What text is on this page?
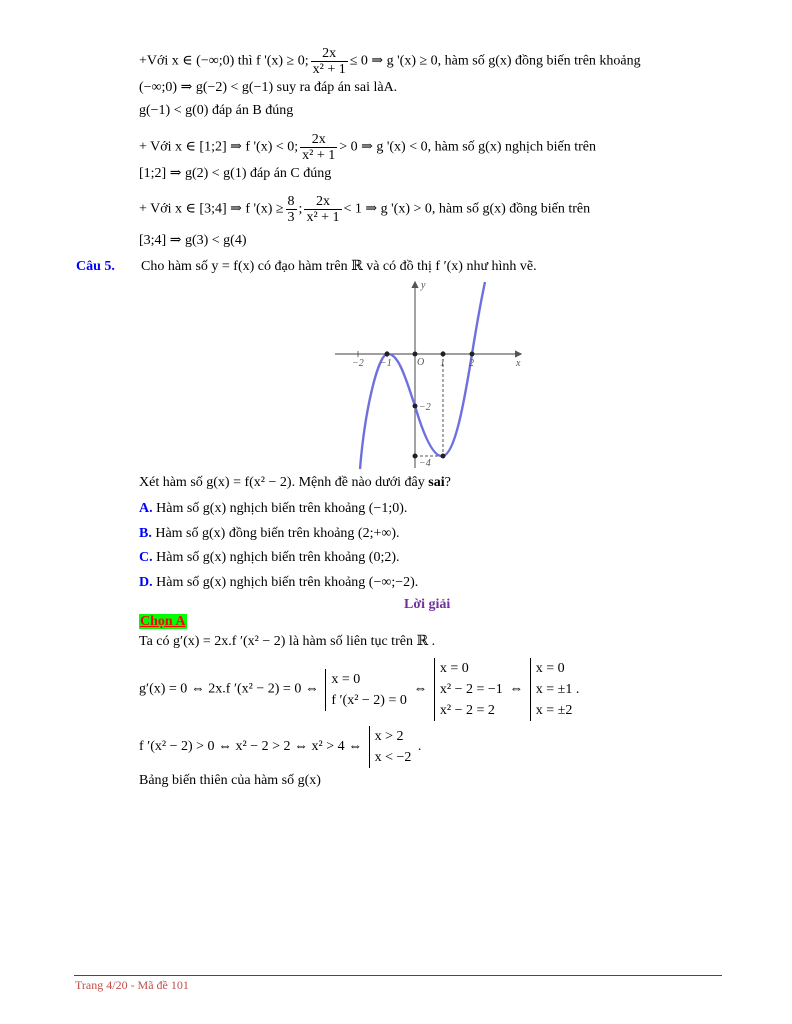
+Với x ∈ (−∞;0) thì f '(x) ≥ 0; $\frac{2x}{\text{x² + 1}} \le 0$ ⇒ g '(x) ≥ 0, hàm số g(x) đồng biến trên khoảng
(−∞;0) ⇒ g(−2) < g(−1) suy ra đáp án sai làA.
g(−1) < g(0) đáp án B đúng
+ Với x ∈ [1;2] ⇒ f '(x) < 0; $\frac{2x}{\text{x² + 1}} > 0$ ⇒ g '(x) < 0, hàm số g(x) nghịch biến trên
[1;2] ⇒ g(2) < g(1) đáp án C đúng
+ Với x ∈ [3;4] ⇒ f '$(x) \ge \frac{8}{3}$ ; $\frac{2x}{\text{x² + 1}} < 1$ ⇒ g '(x) > 0, hàm số g(x) đồng biến trên
[3;4] ⇒ g(3) < g(4)
Câu 5. Cho hàm số y = f(x) có đạo hàm trên ℝ và có đồ thị f ′(x) như hình vẽ.
x
y
O
−2 −1	1 2
−2
−4
Xét hàm số g(x) = f(x² − 2). Mệnh đề nào dưới đây sai?
A. Hàm số g(x) nghịch biến trên khoảng (−1;0).
B. Hàm số g(x) đồng biến trên khoảng (2;+∞).
C. Hàm số g(x) nghịch biến trên khoảng (0;2).
D. Hàm số g(x) nghịch biến trên khoảng (−∞;−2).
Lời giải
Chọn A
Ta có g′(x) = 2x.f ′(x² − 2) là hàm số liên tục trên ℝ .
g′(x) = 0 ⇔ 2x.f ′(x² − 2) = 0 ⇔
x = 0
f ′(x² − 2) = 0
⇔
x = 0
x² − 2 = −1
x² − 2 = 2
⇔
x = 0
x = ±1 .
x = ±2
f ′(x² − 2) > 0 ⇔ x² − 2 > 2 ⇔ x² > 4 ⇔
x > 2
x < −2
.
Bảng biến thiên của hàm số g(x)
Trang 4/20 - Mã đề 101
